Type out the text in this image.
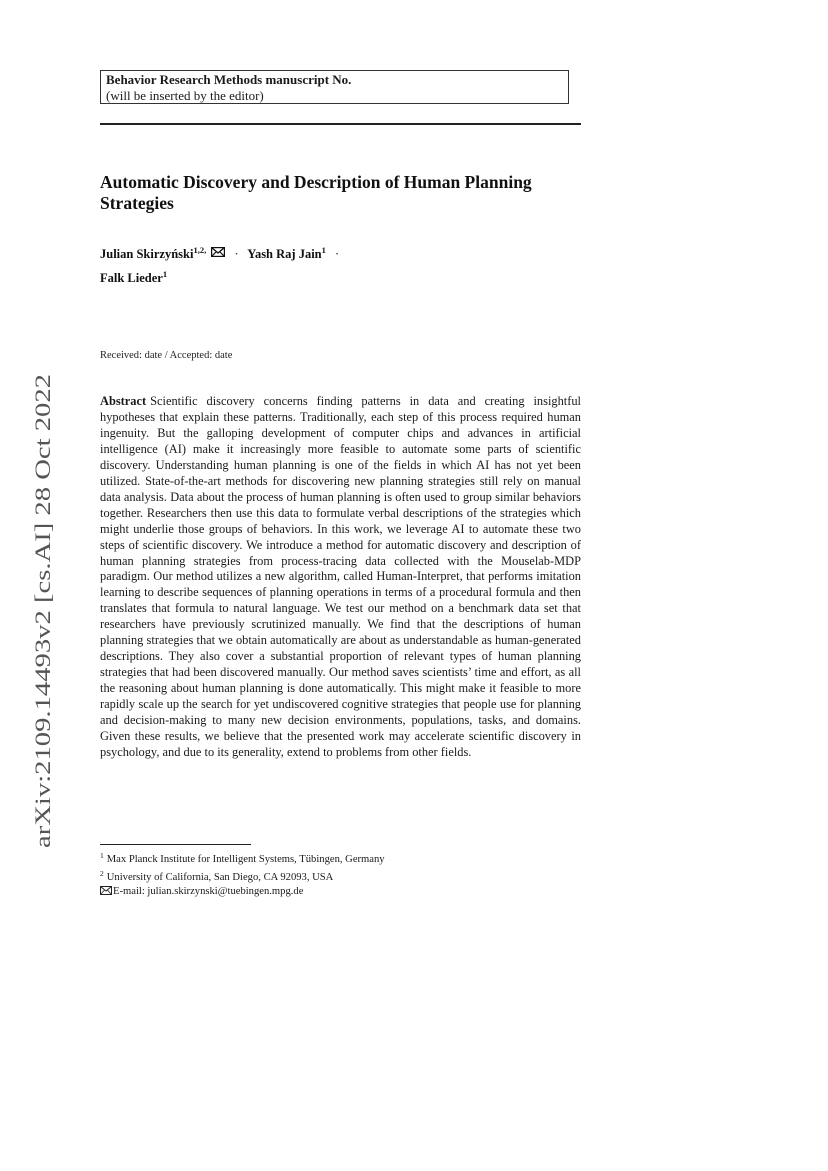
arXiv:2109.14493v2 [cs.AI] 28 Oct 2022
Behavior Research Methods manuscript No.
(will be inserted by the editor)
Automatic Discovery and Description of Human Planning Strategies
Julian Skirzyński$^{1,2,}$ · Yash Raj Jain$^1$ ·
Falk Lieder$^1$
Received: date / Accepted: date
Abstract Scientific discovery concerns finding patterns in data and creating insightful hypotheses that explain these patterns. Traditionally, each step of this process required human ingenuity. But the galloping development of computer chips and advances in artificial intelligence (AI) make it increasingly more feasible to automate some parts of scientific discovery. Understanding human planning is one of the fields in which AI has not yet been utilized. State-of-the-art methods for discovering new planning strategies still rely on manual data analysis. Data about the process of human planning is often used to group similar behaviors together. Researchers then use this data to formulate verbal descriptions of the strategies which might underlie those groups of behaviors. In this work, we leverage AI to automate these two steps of scientific discovery. We introduce a method for automatic discovery and description of human planning strategies from process-tracing data collected with the Mouselab-MDP paradigm. Our method utilizes a new algorithm, called Human-Interpret, that performs imitation learning to describe sequences of planning operations in terms of a procedural formula and then translates that formula to natural language. We test our method on a benchmark data set that researchers have previously scrutinized manually. We find that the descriptions of human planning strategies that we obtain automatically are about as understandable as human-generated descriptions. They also cover a substantial proportion of relevant types of human planning strategies that had been discovered manually. Our method saves scientists’ time and effort, as all the reasoning about human planning is done automatically. This might make it feasible to more rapidly scale up the search for yet undiscovered cognitive strategies that people use for planning and decision-making to many new decision environments, populations, tasks, and domains. Given these results, we believe that the presented work may accelerate scientific discovery in psychology, and due to its generality, extend to problems from other fields.
$^1$ Max Planck Institute for Intelligent Systems, Tübingen, Germany
$^2$ University of California, San Diego, CA 92093, USA
E-mail: julian.skirzynski@tuebingen.mpg.de
